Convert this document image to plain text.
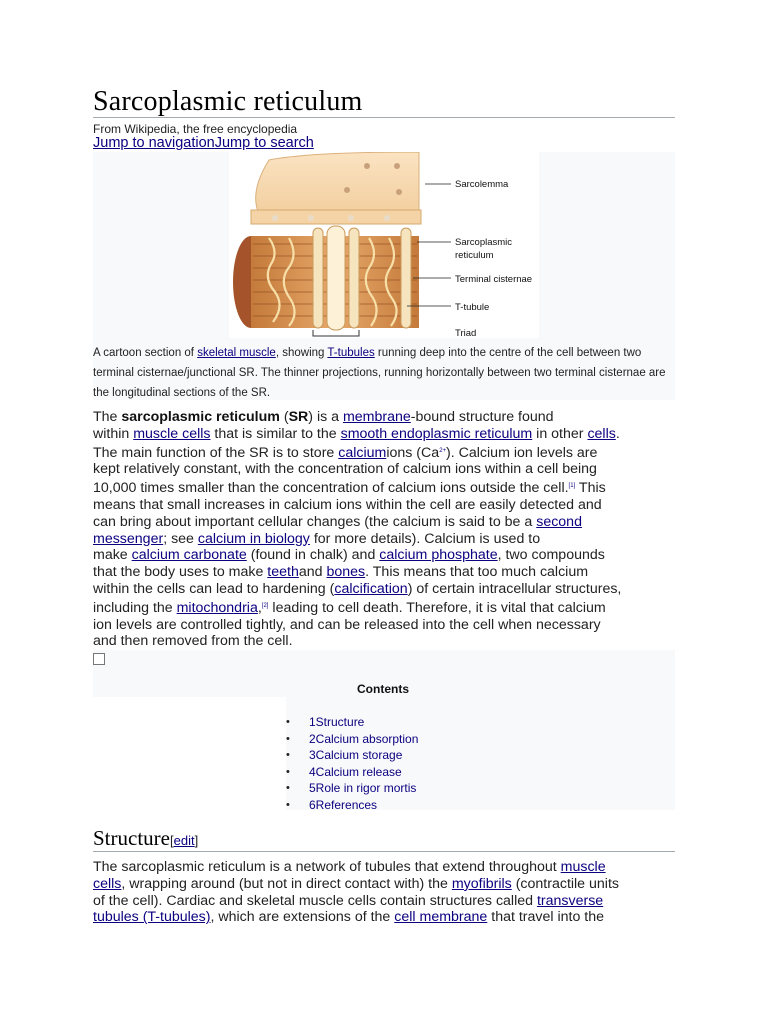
Sarcoplasmic reticulum
From Wikipedia, the free encyclopedia
Jump to navigationJump to search
Sarcolemma
Sarcoplasmic
reticulum
Terminal cisternae
T-tubule
Triad
A cartoon section of skeletal muscle, showing T-tubules running deep into the centre of the cell between two terminal cisternae/junctional SR. The thinner projections, running horizontally between two terminal cisternae are the longitudinal sections of the SR.
The sarcoplasmic reticulum (SR) is a membrane-bound structure found
within muscle cells that is similar to the smooth endoplasmic reticulum in other cells.
The main function of the SR is to store calciumions $(Ca^{2+})$. Calcium ion levels are
kept relatively constant, with the concentration of calcium ions within a cell being
10,000 times smaller than the concentration of calcium ions outside the cell.[1] This
means that small increases in calcium ions within the cell are easily detected and
can bring about important cellular changes (the calcium is said to be a second
messenger; see calcium in biology for more details). Calcium is used to
make calcium carbonate (found in chalk) and calcium phosphate, two compounds
that the body uses to make teethand bones. This means that too much calcium
within the cells can lead to hardening (calcification) of certain intracellular structures,
including the mitochondria,[2] leading to cell death. Therefore, it is vital that calcium
ion levels are controlled tightly, and can be released into the cell when necessary
and then removed from the cell.
Contents
• 1Structure
• 2Calcium absorption
• 3Calcium storage
• 4Calcium release
• 5Role in rigor mortis
• 6References
Structure[edit]
The sarcoplasmic reticulum is a network of tubules that extend throughout muscle
cells, wrapping around (but not in direct contact with) the myofibrils (contractile units
of the cell). Cardiac and skeletal muscle cells contain structures called transverse
tubules (T-tubules), which are extensions of the cell membrane that travel into the
